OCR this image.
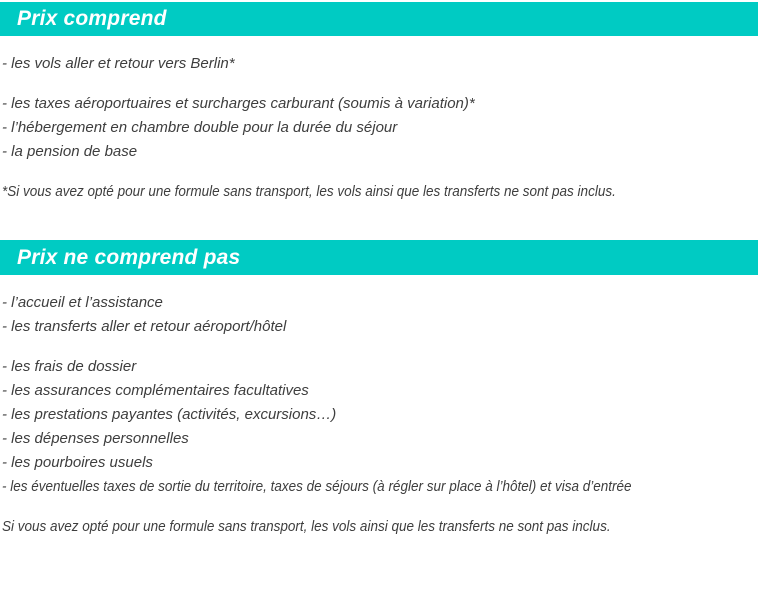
Prix comprend
- les vols aller et retour vers Berlin*
- les taxes aéroportuaires et surcharges carburant (soumis à variation)*
- l’hébergement en chambre double pour la durée du séjour
- la pension de base
*Si vous avez opté pour une formule sans transport, les vols ainsi que les transferts ne sont pas inclus.
Prix ne comprend pas
- l’accueil et l’assistance
- les transferts aller et retour aéroport/hôtel
- les frais de dossier
- les assurances complémentaires facultatives
- les prestations payantes (activités, excursions…)
- les dépenses personnelles
- les pourboires usuels
- les éventuelles taxes de sortie du territoire, taxes de séjours (à régler sur place à l’hôtel) et visa d’entrée
Si vous avez opté pour une formule sans transport, les vols ainsi que les transferts ne sont pas inclus.
